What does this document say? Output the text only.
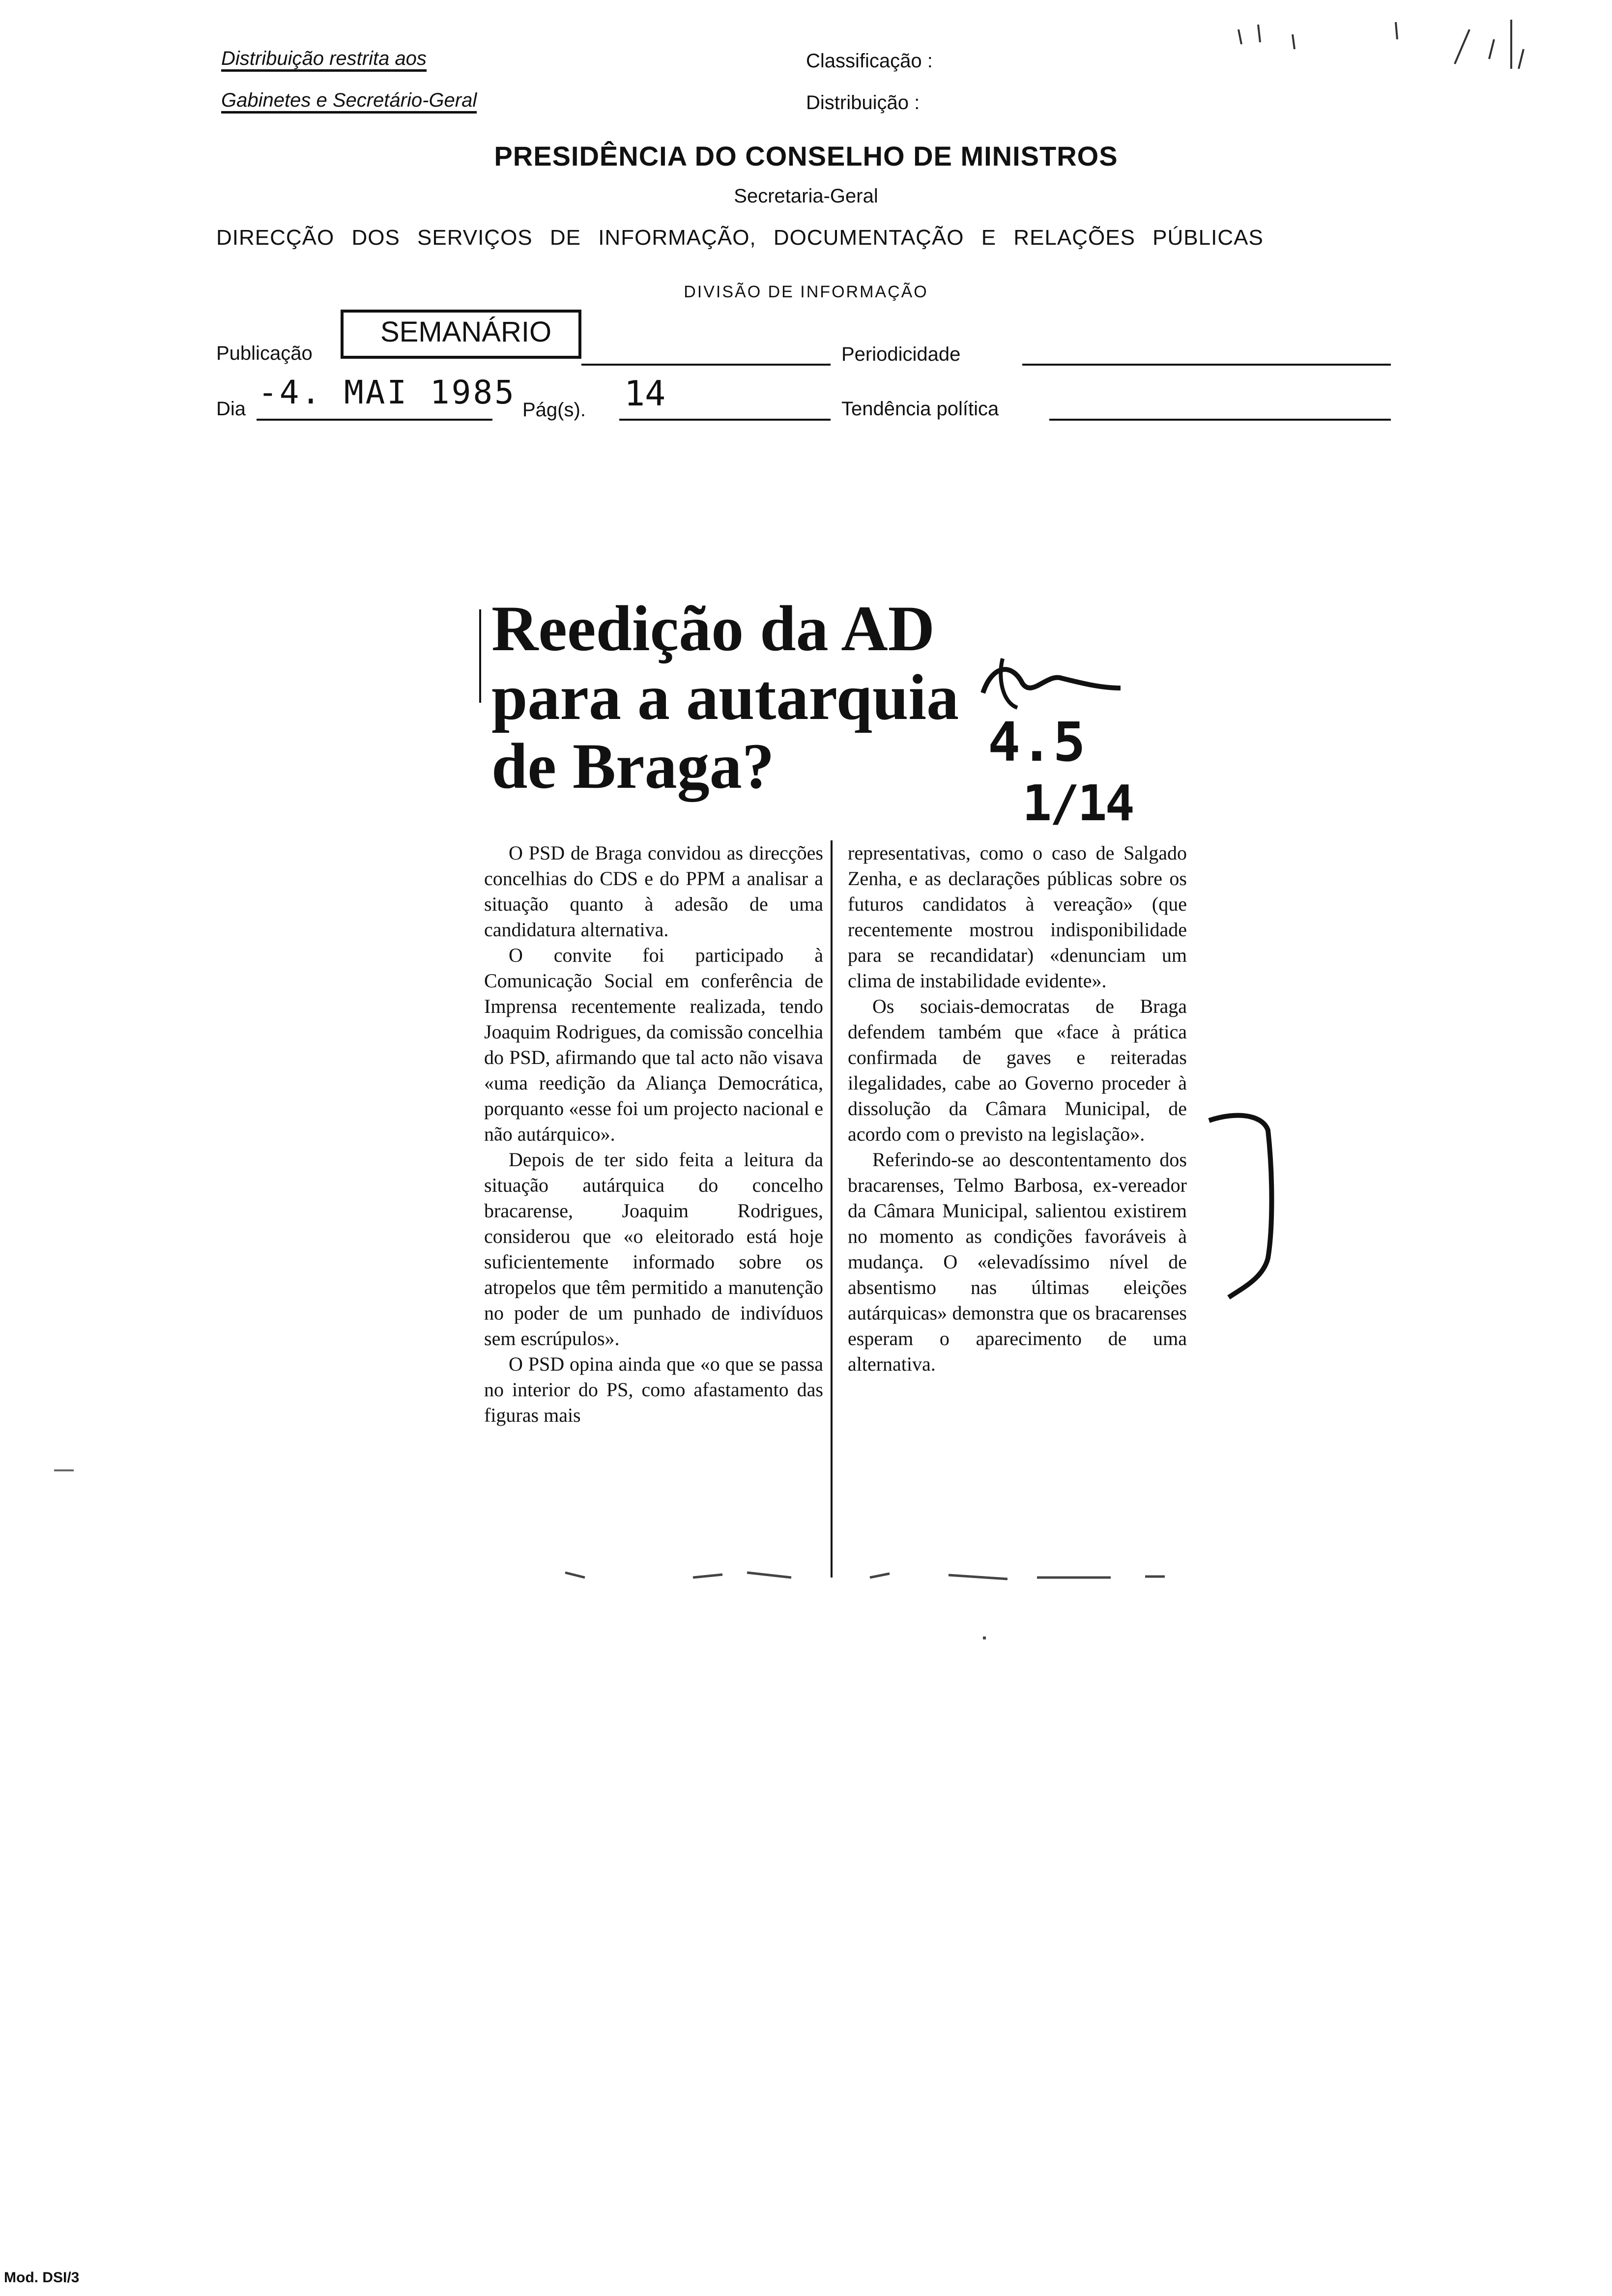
Distribuição restrita aos
Gabinetes e Secretário-Geral
Classificação :
Distribuição :
PRESIDÊNCIA DO CONSELHO DE MINISTROS
Secretaria-Geral
DIRECÇÃO DOS SERVIÇOS DE INFORMAÇÃO, DOCUMENTAÇÃO E RELAÇÕES PÚBLICAS
DIVISÃO DE INFORMAÇÃO
Publicação
SEMANÁRIO
Periodicidade
Dia -4. MAI 1985 Pág(s). 14	Tendência política
Reedição da AD
para a autarquia
de Braga?	4.5
1/14

O PSD de Braga convidou as direcções concelhias do CDS e do PPM a analisar a situação quanto à adesão de uma candidatura alternativa.

O convite foi participado à Comunicação Social em conferência de Imprensa recentemente realizada, tendo Joaquim Rodrigues, da comissão concelhia do PSD, afirmando que tal acto não visava «uma reedição da Aliança Democrática, porquanto «esse foi um projecto nacional e não autárquico».

Depois de ter sido feita a leitura da situação autárquica do concelho bracarense, Joaquim Rodrigues, considerou que «o eleitorado está hoje suficientemente informado sobre os atropelos que têm permitido a manutenção no poder de um punhado de indivíduos sem escrúpulos».

O PSD opina ainda que «o que se passa no interior do PS, como afastamento das figuras mais

representativas, como o caso de Salgado Zenha, e as declarações públicas sobre os futuros candidatos à vereação» (que recentemente mostrou indisponibilidade para se recandidatar) «denunciam um clima de instabilidade evidente».

Os sociais-democratas de Braga defendem também que «face à prática confirmada de gaves e reiteradas ilegalidades, cabe ao Governo proceder à dissolução da Câmara Municipal, de acordo com o previsto na legislação».

Referindo-se ao descontentamento dos bracarenses, Telmo Barbosa, ex-vereador da Câmara Municipal, salientou existirem no momento as condições favoráveis à mudança. O «elevadíssimo nível de absentismo nas últimas eleições autárquicas» demonstra que os bracarenses esperam o aparecimento de uma alternativa.

Mod. DSI/3
